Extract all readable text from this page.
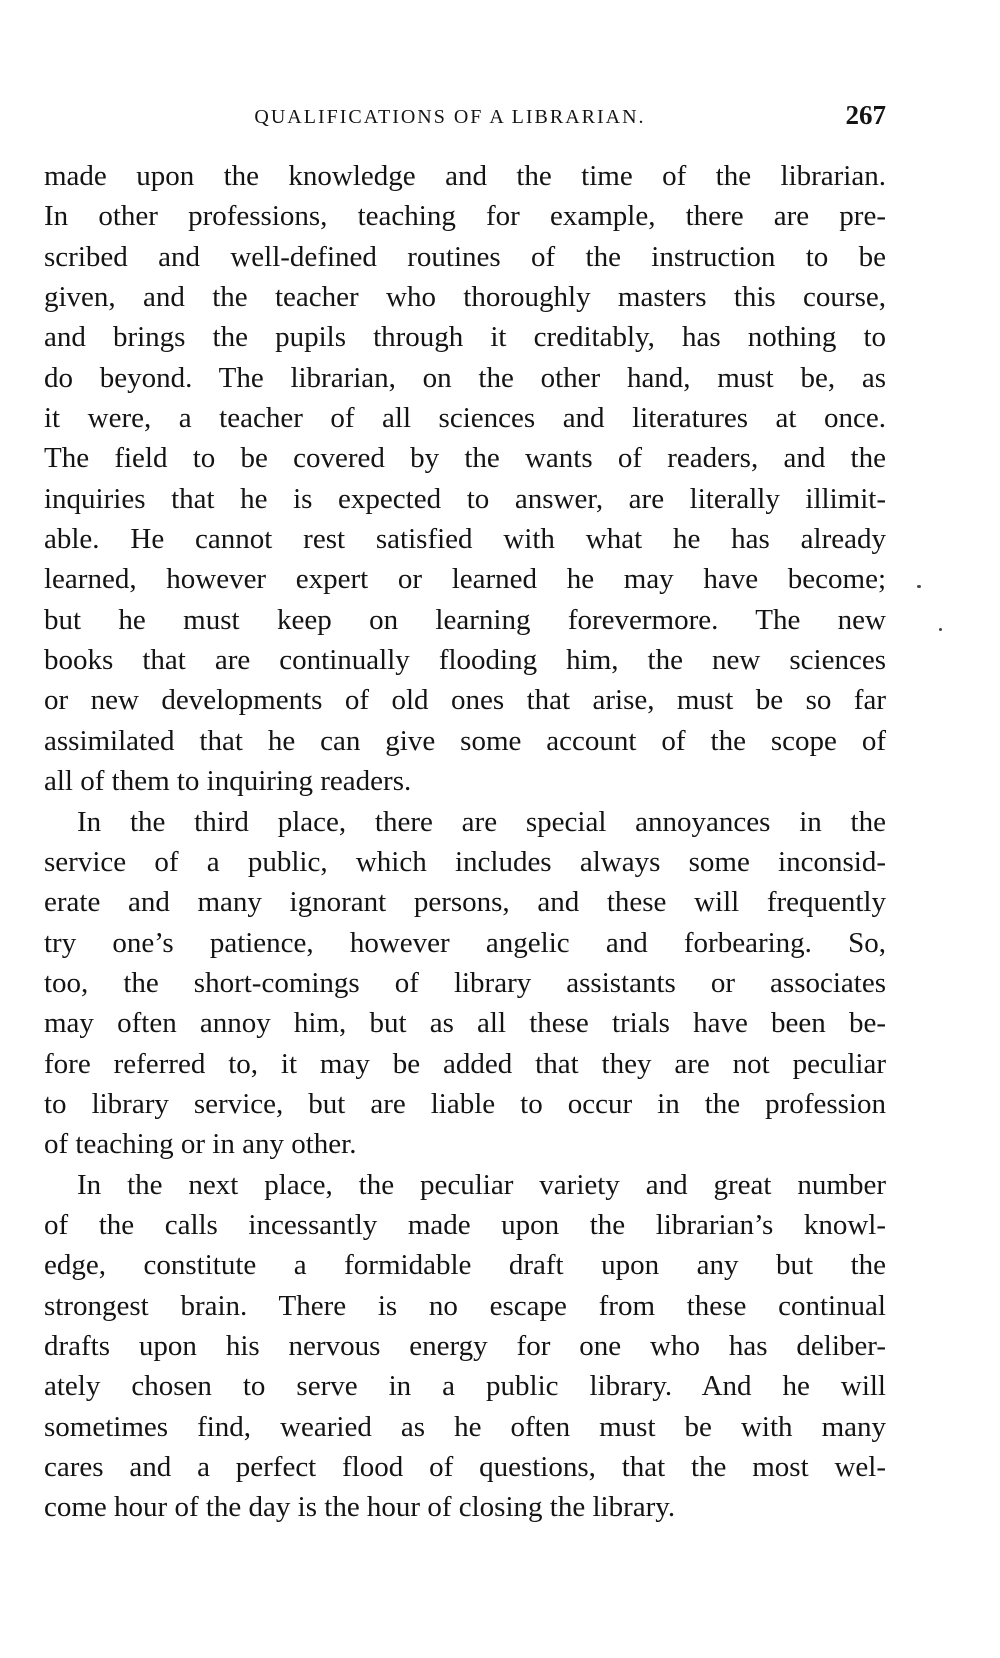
QUALIFICATIONS OF A LIBRARIAN.	267
made upon the knowledge and the time of the librarian.
In other professions, teaching for example, there are pre-
scribed and well-defined routines of the instruction to be
given, and the teacher who thoroughly masters this course,
and brings the pupils through it creditably, has nothing to
do beyond. The librarian, on the other hand, must be, as
it were, a teacher of all sciences and literatures at once.
The field to be covered by the wants of readers, and the
inquiries that he is expected to answer, are literally illimit-
able. He cannot rest satisfied with what he has already
learned, however expert or learned he may have become;
but he must keep on learning forevermore. The new
books that are continually flooding him, the new sciences
or new developments of old ones that arise, must be so far
assimilated that he can give some account of the scope of
all of them to inquiring readers.
In the third place, there are special annoyances in the
service of a public, which includes always some inconsid-
erate and many ignorant persons, and these will frequently
try one’s patience, however angelic and forbearing. So,
too, the short-comings of library assistants or associates
may often annoy him, but as all these trials have been be-
fore referred to, it may be added that they are not peculiar
to library service, but are liable to occur in the profession
of teaching or in any other.
In the next place, the peculiar variety and great number
of the calls incessantly made upon the librarian’s knowl-
edge, constitute a formidable draft upon any but the
strongest brain. There is no escape from these continual
drafts upon his nervous energy for one who has deliber-
ately chosen to serve in a public library. And he will
sometimes find, wearied as he often must be with many
cares and a perfect flood of questions, that the most wel-
come hour of the day is the hour of closing the library.
